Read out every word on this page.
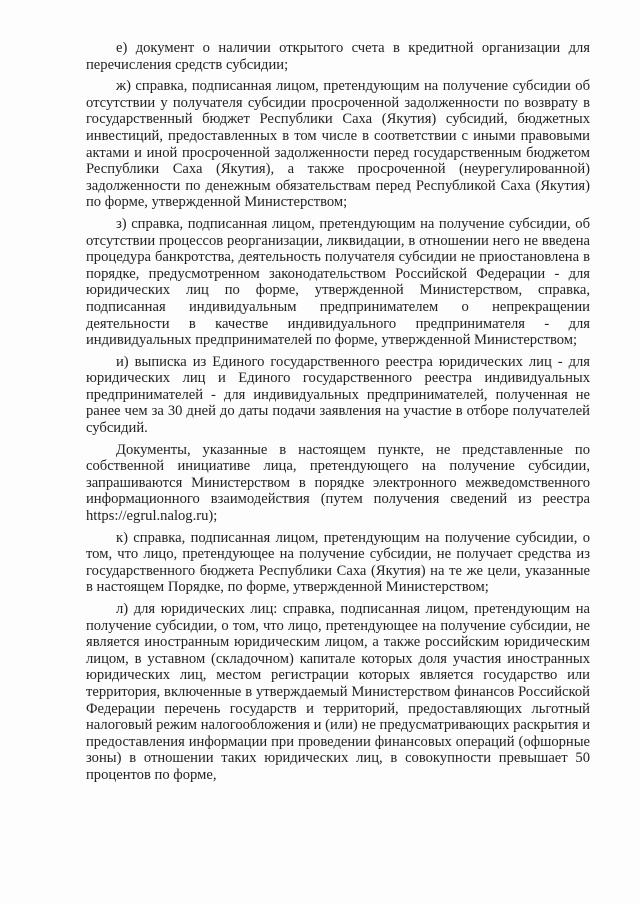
е) документ о наличии открытого счета в кредитной организации для перечисления средств субсидии;

ж) справка, подписанная лицом, претендующим на получение субсидии об отсутствии у получателя субсидии просроченной задолженности по возврату в государственный бюджет Республики Саха (Якутия) субсидий, бюджетных инвестиций, предоставленных в том числе в соответствии с иными правовыми актами и иной просроченной задолженности перед государственным бюджетом Республики Саха (Якутия), а также просроченной (неурегулированной) задолженности по денежным обязательствам перед Республикой Саха (Якутия) по форме, утвержденной Министерством;

з) справка, подписанная лицом, претендующим на получение субсидии, об отсутствии процессов реорганизации, ликвидации, в отношении него не введена процедура банкротства, деятельность получателя субсидии не приостановлена в порядке, предусмотренном законодательством Российской Федерации - для юридических лиц по форме, утвержденной Министерством, справка, подписанная индивидуальным предпринимателем о непрекращении деятельности в качестве индивидуального предпринимателя - для индивидуальных предпринимателей по форме, утвержденной Министерством;

и) выписка из Единого государственного реестра юридических лиц - для юридических лиц и Единого государственного реестра индивидуальных предпринимателей - для индивидуальных предпринимателей, полученная не ранее чем за 30 дней до даты подачи заявления на участие в отборе получателей субсидий.

Документы, указанные в настоящем пункте, не представленные по собственной инициативе лица, претендующего на получение субсидии, запрашиваются Министерством в порядке электронного межведомственного информационного взаимодействия (путем получения сведений из реестра https://egrul.nalog.ru);

к) справка, подписанная лицом, претендующим на получение субсидии, о том, что лицо, претендующее на получение субсидии, не получает средства из государственного бюджета Республики Саха (Якутия) на те же цели, указанные в настоящем Порядке, по форме, утвержденной Министерством;

л) для юридических лиц: справка, подписанная лицом, претендующим на получение субсидии, о том, что лицо, претендующее на получение субсидии, не является иностранным юридическим лицом, а также российским юридическим лицом, в уставном (складочном) капитале которых доля участия иностранных юридических лиц, местом регистрации которых является государство или территория, включенные в утверждаемый Министерством финансов Российской Федерации перечень государств и территорий, предоставляющих льготный налоговый режим налогообложения и (или) не предусматривающих раскрытия и предоставления информации при проведении финансовых операций (офшорные зоны) в отношении таких юридических лиц, в совокупности превышает 50 процентов по форме,
